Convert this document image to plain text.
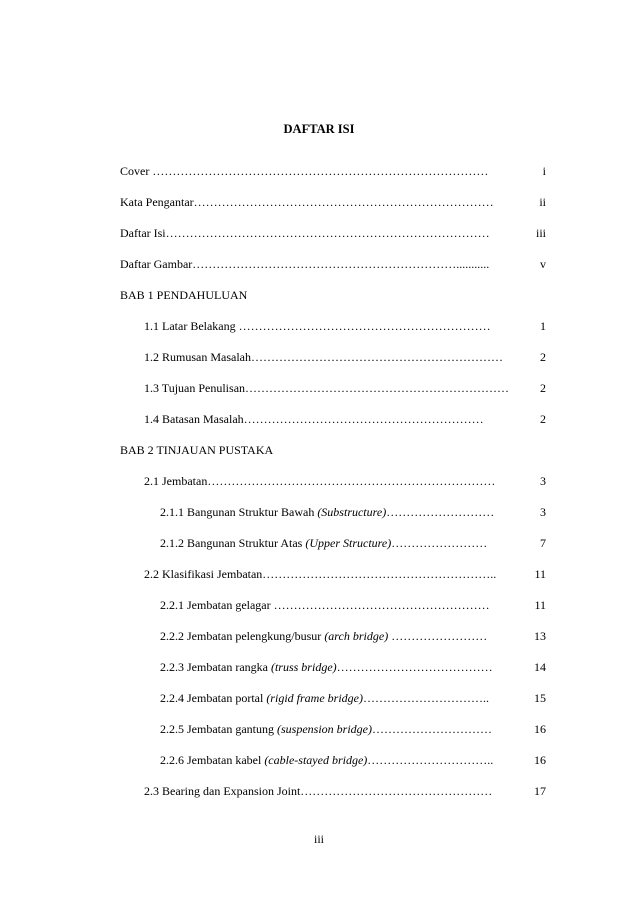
DAFTAR ISI
Cover …………………………………………………………………………	i
Kata Pengantar…………………………………………………………………	ii
Daftar Isi………………………………………………………………………	iii
Daftar Gambar…………………………………………………………...........	v
BAB 1 PENDAHULUAN
1.1 Latar Belakang ………………………………………………………	1
1.2 Rumusan Masalah………………………………………………………	2
1.3 Tujuan Penulisan…………………………………………………………	2
1.4 Batasan Masalah……………………………………………………	2
BAB 2 TINJAUAN PUSTAKA
2.1 Jembatan………………………………………………………………	3
2.1.1 Bangunan Struktur Bawah (Substructure)………………………	3
2.1.2 Bangunan Struktur Atas (Upper Structure)……………………	7
2.2 Klasifikasi Jembatan…………………………………………………..	11
2.2.1 Jembatan gelagar ………………………………………………	11
2.2.2 Jembatan pelengkung/busur (arch bridge) ……………………	13
2.2.3 Jembatan rangka (truss bridge)…………………………………	14
2.2.4 Jembatan portal (rigid frame bridge)…………………………..	15
2.2.5 Jembatan gantung (suspension bridge)…………………………	16
2.2.6 Jembatan kabel (cable-stayed bridge)…………………………..	16
2.3 Bearing dan Expansion Joint…………………………………………	17
iii
